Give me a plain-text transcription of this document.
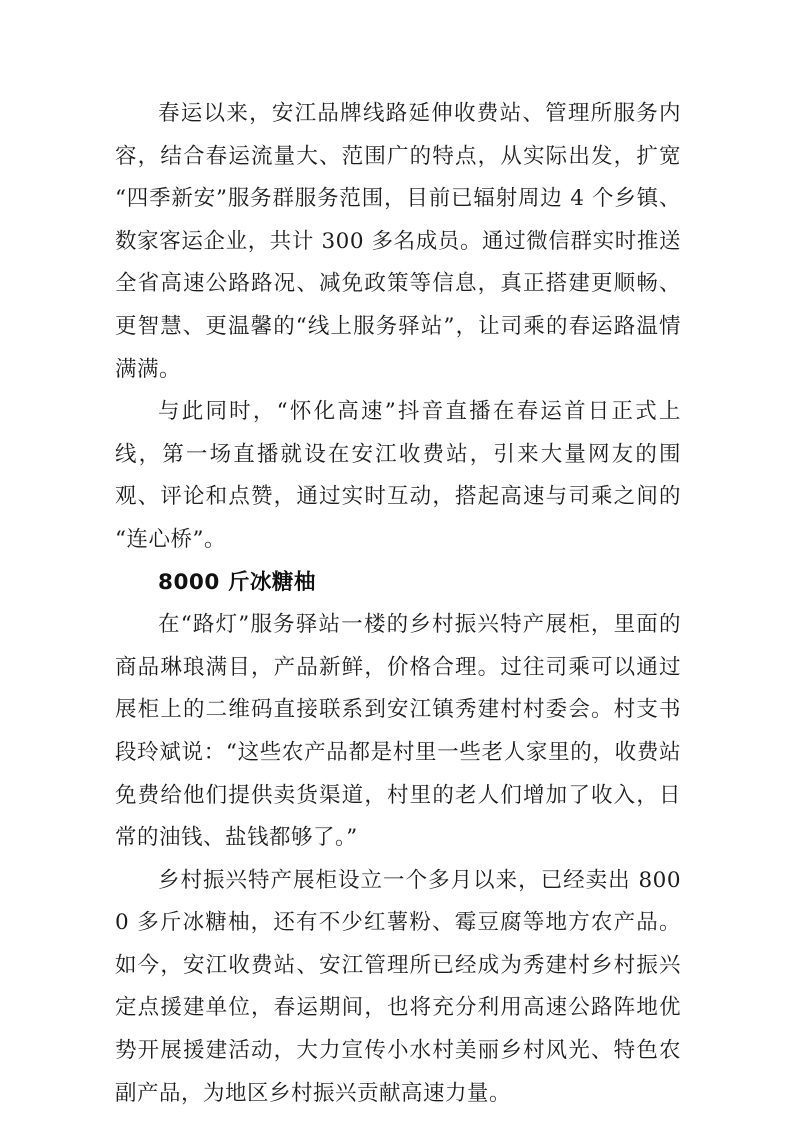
春运以来，安江品牌线路延伸收费站、管理所服务内容，结合春运流量大、范围广的特点，从实际出发，扩宽“四季新安”服务群服务范围，目前已辐射周边 4 个乡镇、数家客运企业，共计 300 多名成员。通过微信群实时推送全省高速公路路况、减免政策等信息，真正搭建更顺畅、更智慧、更温馨的“线上服务驿站”，让司乘的春运路温情满满。

与此同时，“怀化高速”抖音直播在春运首日正式上线，第一场直播就设在安江收费站，引来大量网友的围观、评论和点赞，通过实时互动，搭起高速与司乘之间的“连心桥”。

8000 斤冰糖柚

在“路灯”服务驿站一楼的乡村振兴特产展柜，里面的商品琳琅满目，产品新鲜，价格合理。过往司乘可以通过展柜上的二维码直接联系到安江镇秀建村村委会。村支书段玲斌说：“这些农产品都是村里一些老人家里的，收费站免费给他们提供卖货渠道，村里的老人们增加了收入，日常的油钱、盐钱都够了。”

乡村振兴特产展柜设立一个多月以来，已经卖出 8000 多斤冰糖柚，还有不少红薯粉、霉豆腐等地方农产品。如今，安江收费站、安江管理所已经成为秀建村乡村振兴定点援建单位，春运期间，也将充分利用高速公路阵地优势开展援建活动，大力宣传小水村美丽乡村风光、特色农副产品，为地区乡村振兴贡献高速力量。
